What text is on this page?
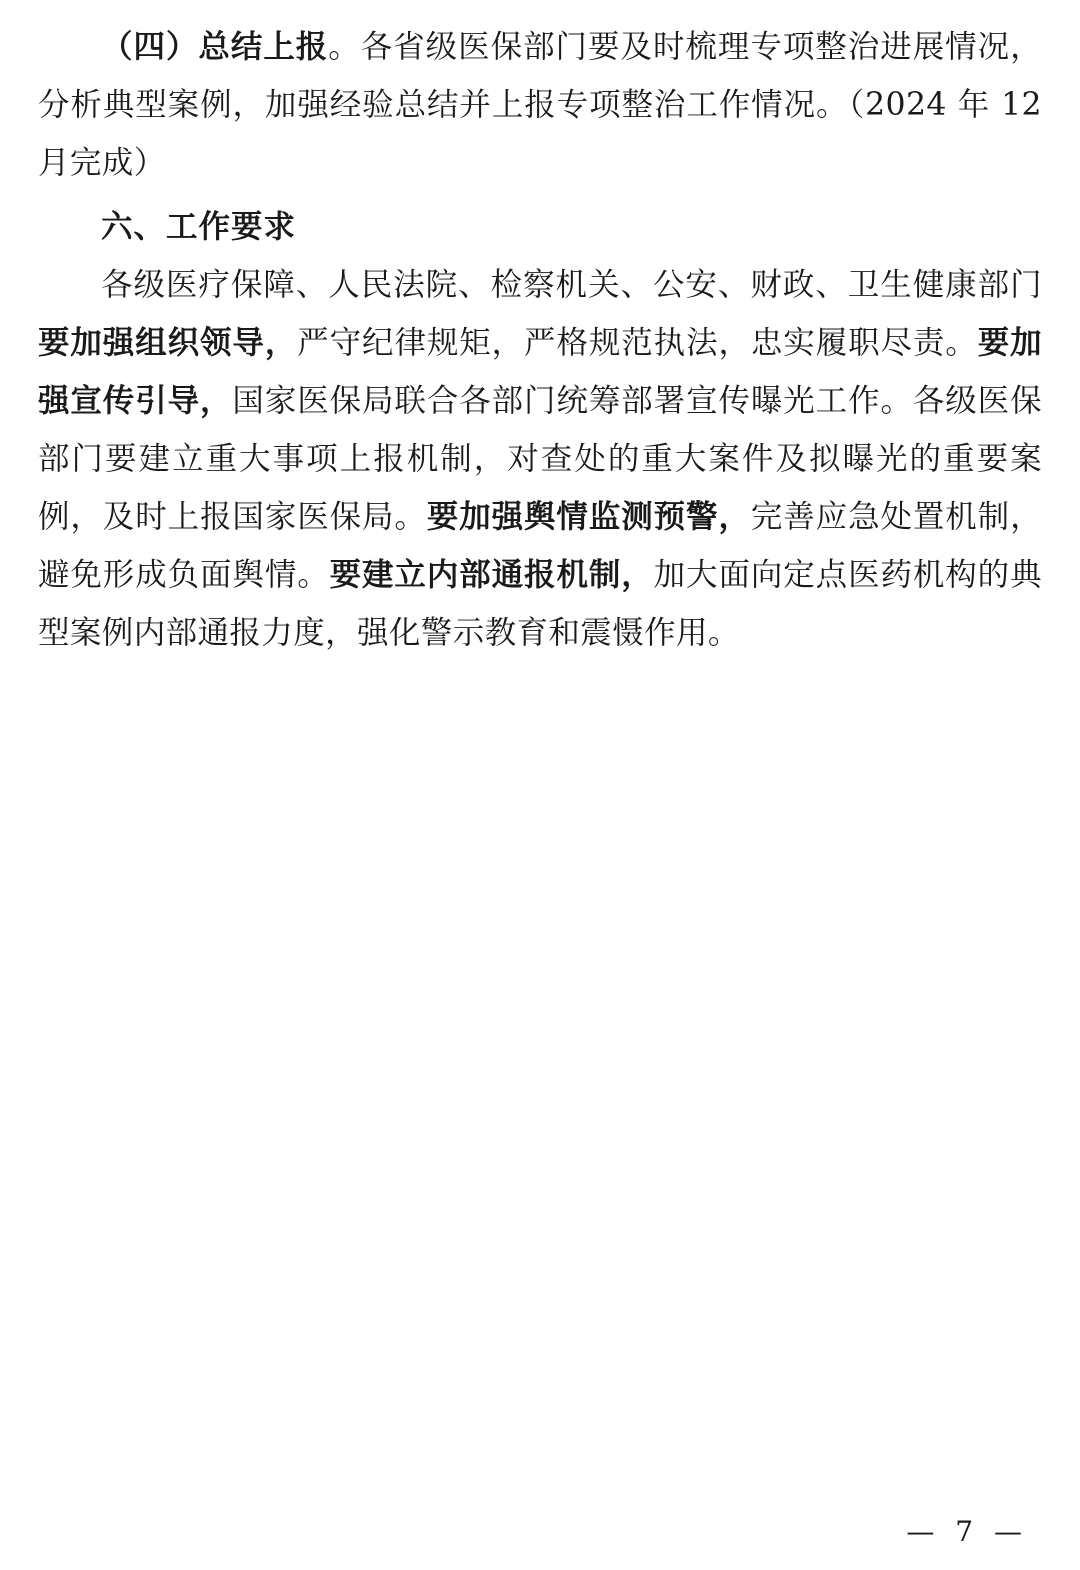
（四）总结上报。各省级医保部门要及时梳理专项整治进展情况，分析典型案例，加强经验总结并上报专项整治工作情况。（2024 年 12 月完成）

六、工作要求

各级医疗保障、人民法院、检察机关、公安、财政、卫生健康部门要加强组织领导，严守纪律规矩，严格规范执法，忠实履职尽责。要加强宣传引导，国家医保局联合各部门统筹部署宣传曝光工作。各级医保部门要建立重大事项上报机制，对查处的重大案件及拟曝光的重要案例，及时上报国家医保局。要加强舆情监测预警，完善应急处置机制，避免形成负面舆情。要建立内部通报机制，加大面向定点医药机构的典型案例内部通报力度，强化警示教育和震慑作用。

— 7 —
